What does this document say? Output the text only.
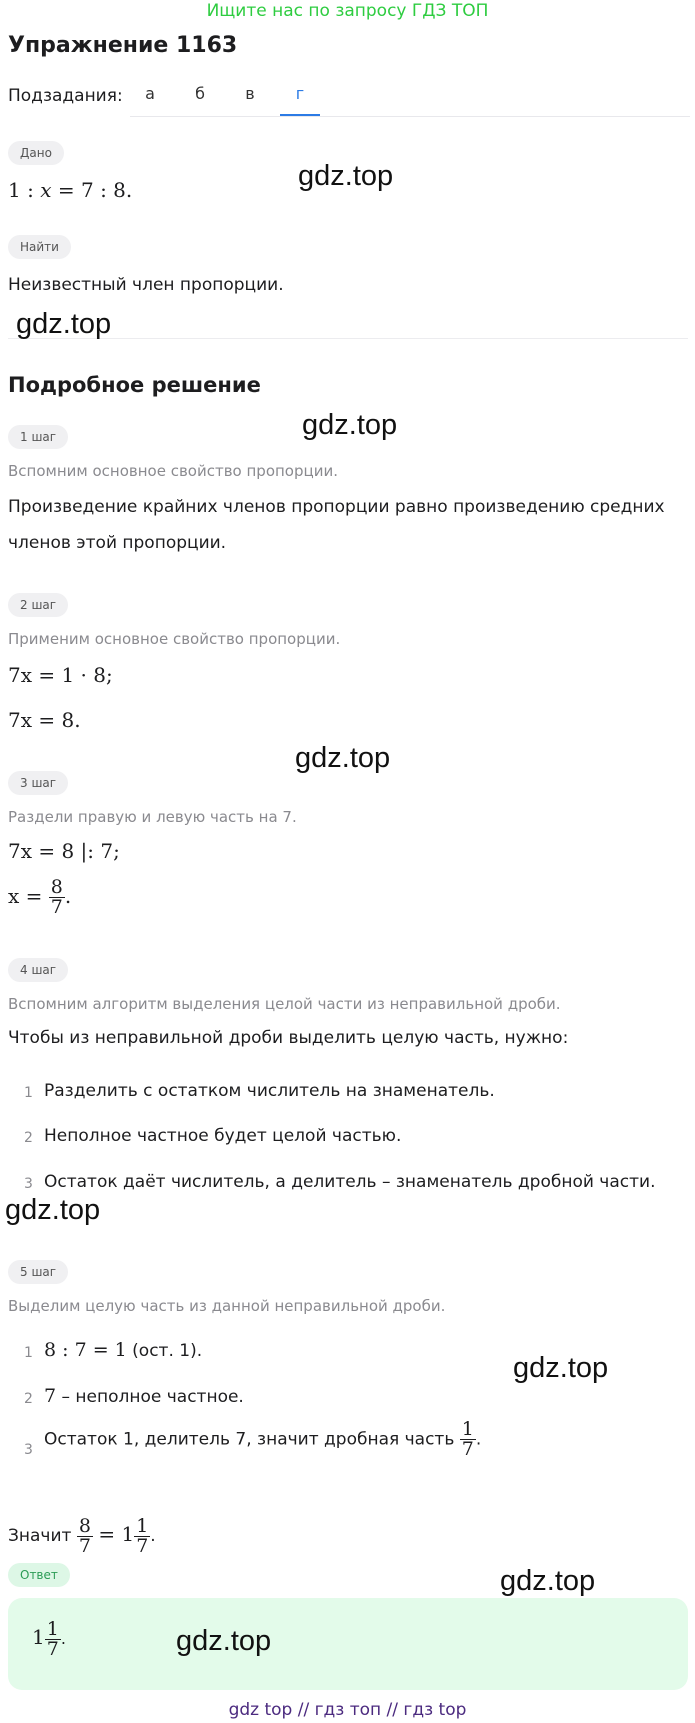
Ищите нас по запросу ГДЗ ТОП
Упражнение 1163
Подзадания:	а	б	в	г
Дано
1 : x = 7 : 8.
Найти
Неизвестный член пропорции.
Подробное решение
1 шаг
Вспомним основное свойство пропорции.
Произведение крайних членов пропорции равно произведению средних
членов этой пропорции.
2 шаг
Применим основное свойство пропорции.
7x = 1 · 8;
7x = 8.
3 шаг
Раздели правую и левую часть на 7.
7x = 8 |: 7;
$x = \frac{8}{7}$ .
4 шаг
Вспомним алгоритм выделения целой части из неправильной дроби.
Чтобы из неправильной дроби выделить целую часть, нужно:
1 Разделить с остатком числитель на знаменатель.
2 Неполное частное будет целой частью.
3 Остаток даёт числитель, а делитель – знаменатель дробной части.
5 шаг
Выделим целую часть из данной неправильной дроби.
1 8 : 7 = 1 (ост. 1).
2 7 – неполное частное.
3
Остаток 1, делитель 7, значит дробная часть $\frac{1}{7}$ .
Значит $\frac{8}{7} = 1 \frac{1}{7}$ .
Ответ
$1 \frac{1}{7}$ .
gdz.top
gdz.top
gdz.top
gdz.top
gdz.top
gdz.top
gdz.top
gdz.top
gdz top // гдз топ // гдз top
